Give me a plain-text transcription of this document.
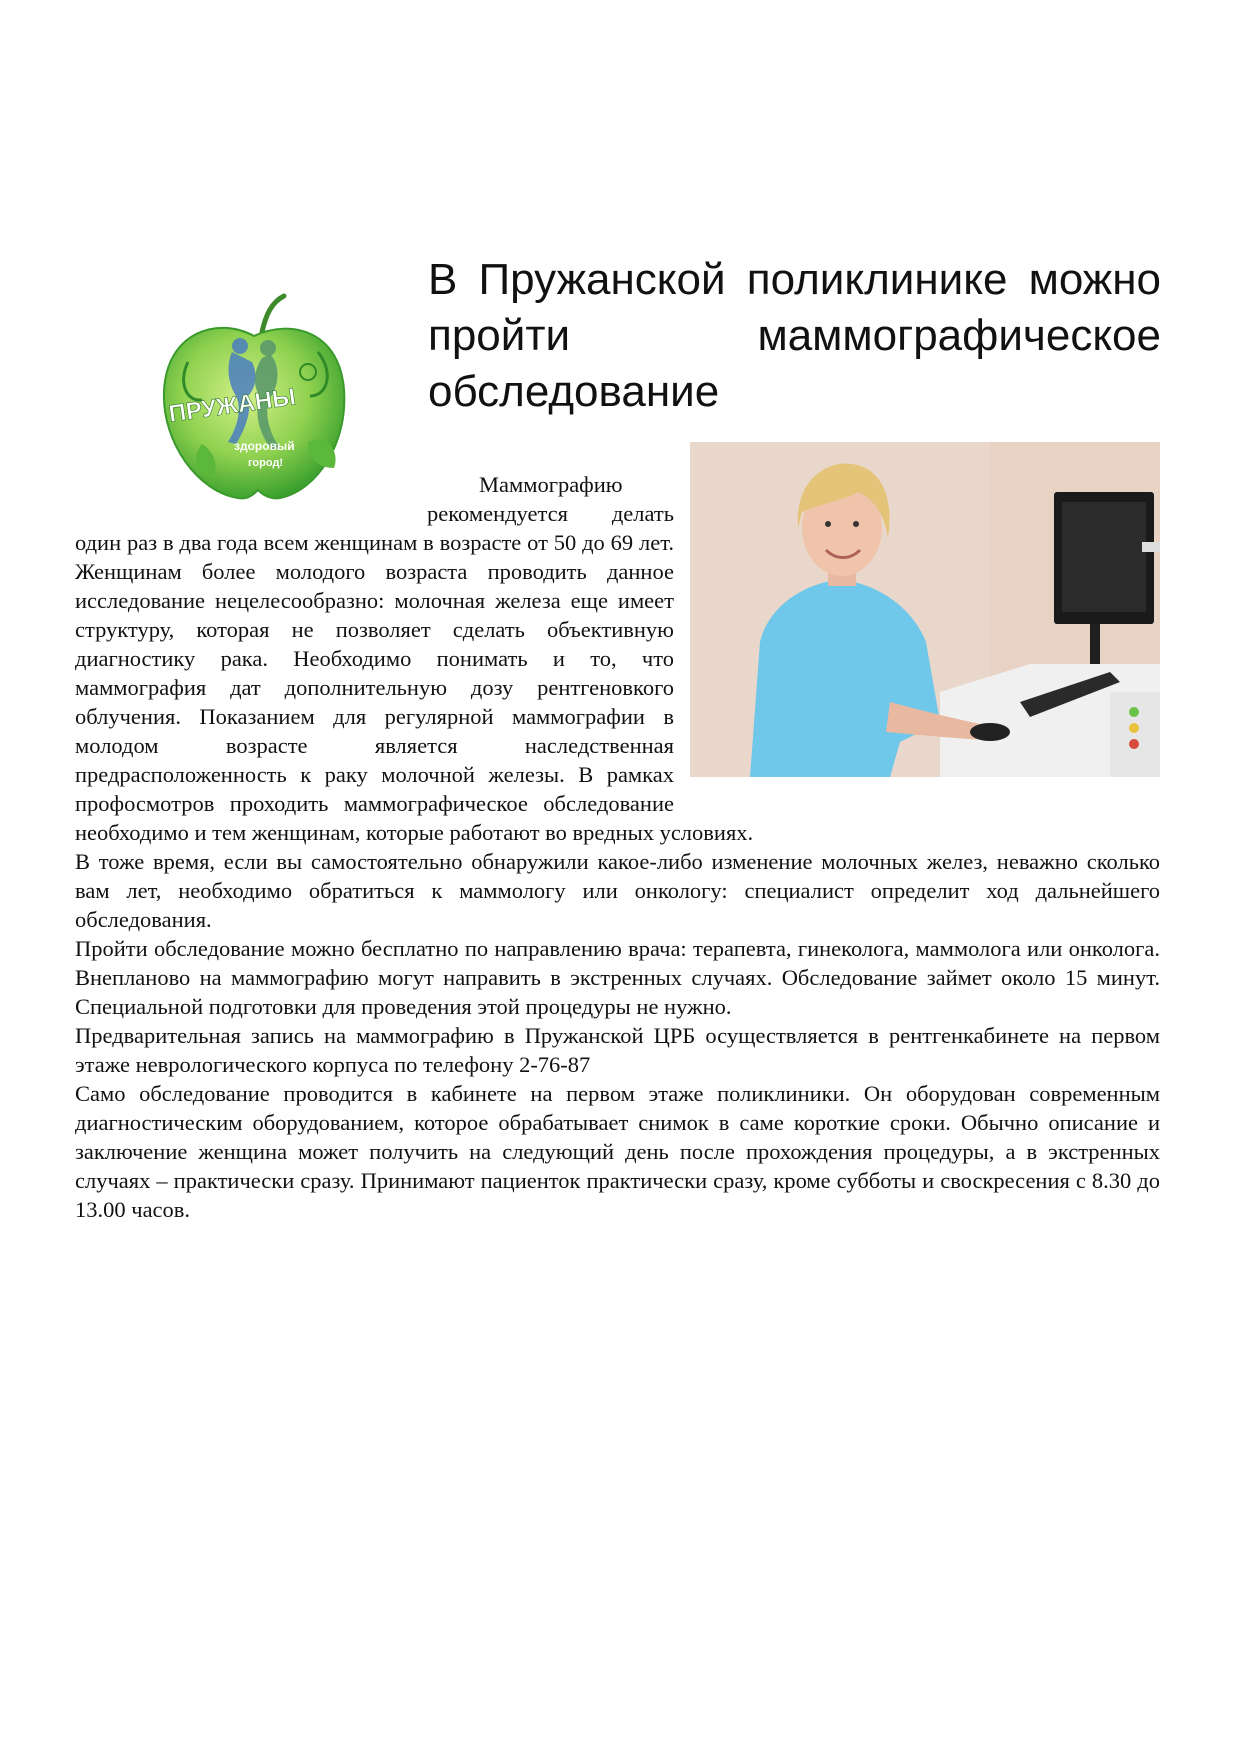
ПРУЖАНЫ
здоровый
город!
В Пружанской поликлинике можно пройти маммографическое обследование

Маммографию рекомендуется делать один раз в два года всем женщинам в возрасте от 50 до 69 лет. Женщинам более молодого возраста проводить данное исследование нецелесообразно: молочная железа еще имеет структуру, которая не позволяет сделать объективную диагностику рака. Необходимо понимать и то, что маммография дат дополнительную дозу рентгеновкого облучения. Показанием для регулярной маммографии в молодом возрасте является наследственная предрасположенность к раку молочной железы. В рамках профосмотров проходить маммографическое обследование необходимо и тем женщинам, которые работают во вредных условиях.

В тоже время, если вы самостоятельно обнаружили какое-либо изменение молочных желез, неважно сколько вам лет, необходимо обратиться к маммологу или онкологу: специалист определит ход дальнейшего обследования.

Пройти обследование можно бесплатно по направлению врача: терапевта, гинеколога, маммолога или онколога. Внепланово на маммографию могут направить в экстренных случаях. Обследование займет около 15 минут. Специальной подготовки для проведения этой процедуры не нужно.

Предварительная запись на маммографию в Пружанской ЦРБ осуществляется в рентгенкабинете на первом этаже неврологического корпуса по телефону 2-76-87

Само обследование проводится в кабинете на первом этаже поликлиники. Он оборудован современным диагностическим оборудованием, которое обрабатывает снимок в саме короткие сроки. Обычно описание и заключение женщина может получить на следующий день после прохождения процедуры, а в экстренных случаях – практически сразу. Принимают пациенток практически сразу, кроме субботы и своскресения с 8.30 до 13.00 часов.
